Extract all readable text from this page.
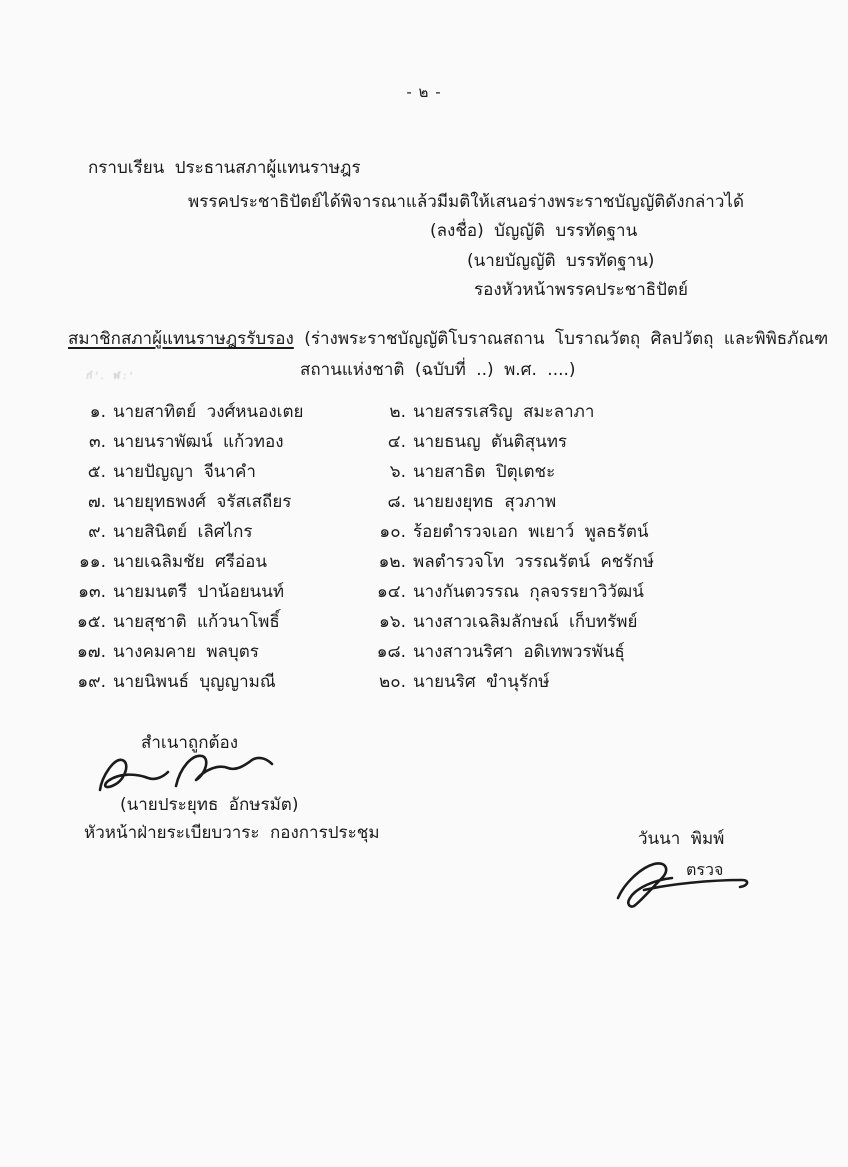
- ๒ -
กราบเรียน ประธานสภาผู้แทนราษฎร
พรรคประชาธิปัตย์ได้พิจารณาแล้วมีมติให้เสนอร่างพระราชบัญญัติดังกล่าวได้
(ลงชื่อ) บัญญัติ บรรทัดฐาน
(นายบัญญัติ บรรทัดฐาน)
รองหัวหน้าพรรคประชาธิปัตย์
สมาชิกสภาผู้แทนราษฎรรับรอง (ร่างพระราชบัญญัติโบราณสถาน โบราณวัตถุ ศิลปวัตถุ และพิพิธภัณฑ
สถานแห่งชาติ (ฉบับที่ ..) พ.ศ. ....)
ก๋'. ฬ:'
๑. นายสาทิตย์ วงศ์หนองเตย
๓. นายนราพัฒน์ แก้วทอง
๕. นายปัญญา จีนาคำ
๗. นายยุทธพงศ์ จรัสเสถียร
๙. นายสินิตย์ เลิศไกร
๑๑. นายเฉลิมชัย ศรีอ่อน
๑๓. นายมนตรี ปาน้อยนนท์
๑๕. นายสุชาติ แก้วนาโพธิ์
๑๗. นางคมคาย พลบุตร
๑๙. นายนิพนธ์ บุญญามณี
๒. นายสรรเสริญ สมะลาภา
๔. นายธนญ ตันติสุนทร
๖. นายสาธิต ปิตุเตชะ
๘. นายยงยุทธ สุวภาพ
๑๐. ร้อยตำรวจเอก พเยาว์ พูลธรัตน์
๑๒. พลตำรวจโท วรรณรัตน์ คชรักษ์
๑๔. นางกันตวรรณ กุลจรรยาวิวัฒน์
๑๖. นางสาวเฉลิมลักษณ์ เก็บทรัพย์
๑๘. นางสาวนริศา อดิเทพวรพันธุ์
๒๐. นายนริศ ขำนุรักษ์
สำเนาถูกต้อง
(นายประยุทธ อักษรมัต)
หัวหน้าฝ่ายระเบียบวาระ กองการประชุม	วันนา พิมพ์
ตรวจ
